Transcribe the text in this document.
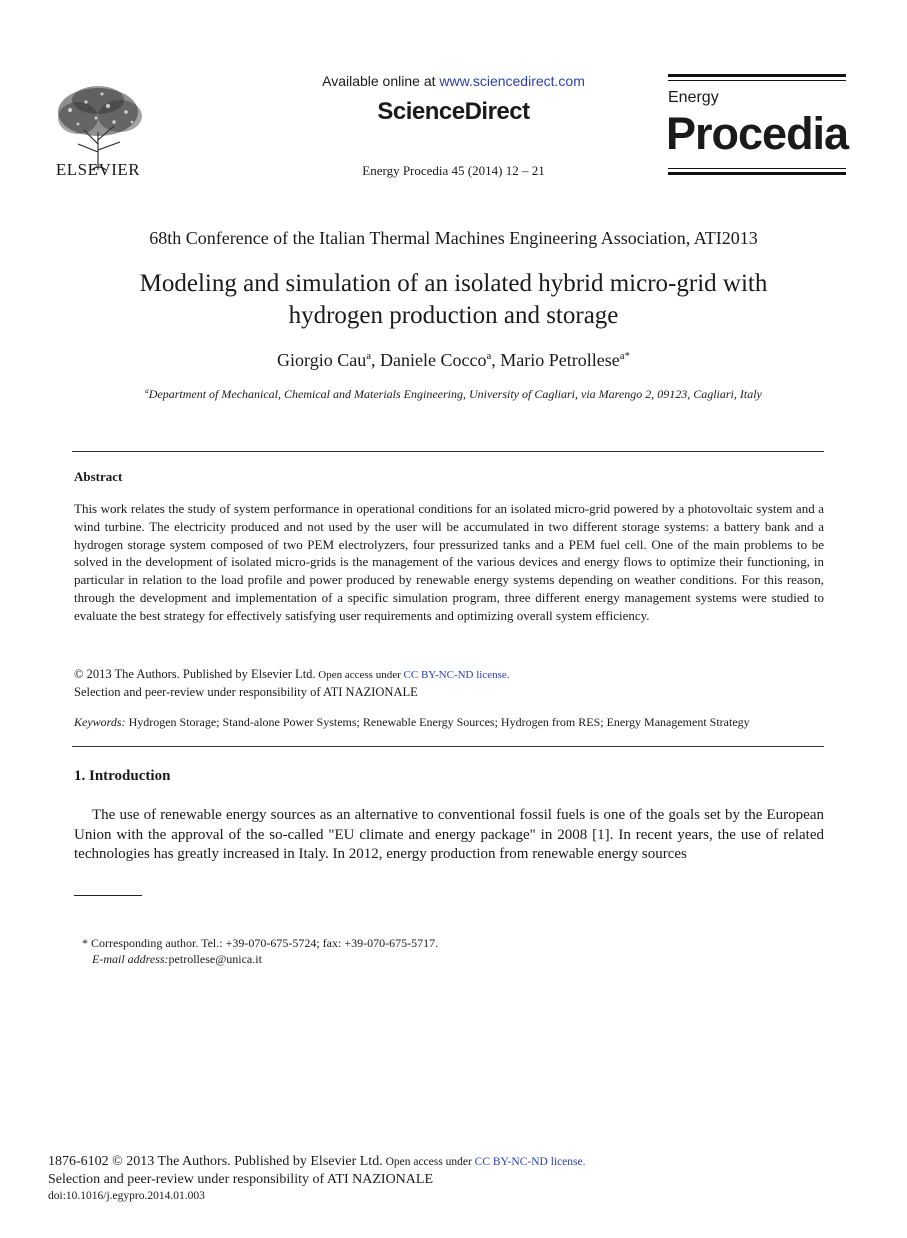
ELSEVIER
Available online at www.sciencedirect.com
ScienceDirect
Energy Procedia 45 (2014) 12 – 21
Energy
Procedia
68th Conference of the Italian Thermal Machines Engineering Association, ATI2013
Modeling and simulation of an isolated hybrid micro-grid with
hydrogen production and storage
Giorgio Cau$^a$, Daniele Cocco$^a$, Mario Petrollese$^{a*}$
$^a$Department of Mechanical, Chemical and Materials Engineering, University of Cagliari, via Marengo 2, 09123, Cagliari, Italy
Abstract

This work relates the study of system performance in operational conditions for an isolated micro-grid powered by a photovoltaic system and a wind turbine. The electricity produced and not used by the user will be accumulated in two different storage systems: a battery bank and a hydrogen storage system composed of two PEM electrolyzers, four pressurized tanks and a PEM fuel cell. One of the main problems to be solved in the development of isolated micro-grids is the management of the various devices and energy flows to optimize their functioning, in particular in relation to the load profile and power produced by renewable energy systems depending on weather conditions. For this reason, through the development and implementation of a specific simulation program, three different energy management systems were studied to evaluate the best strategy for effectively satisfying user requirements and optimizing overall system efficiency.

© 2013 The Authors. Published by Elsevier Ltd. Open access under CC BY-NC-ND license.
Selection and peer-review under responsibility of ATI NAZIONALE
Keywords: Hydrogen Storage; Stand-alone Power Systems; Renewable Energy Sources; Hydrogen from RES; Energy Management Strategy
1. Introduction
The use of renewable energy sources as an alternative to conventional fossil fuels is one of the goals set by the European Union with the approval of the so-called "EU climate and energy package" in 2008 [1]. In recent years, the use of related technologies has greatly increased in Italy. In 2012, energy production from renewable energy sources
* Corresponding author. Tel.: +39-070-675-5724; fax: +39-070-675-5717.
E-mail address:petrollese@unica.it
1876-6102 © 2013 The Authors. Published by Elsevier Ltd. Open access under CC BY-NC-ND license.
Selection and peer-review under responsibility of ATI NAZIONALE
doi:10.1016/j.egypro.2014.01.003
